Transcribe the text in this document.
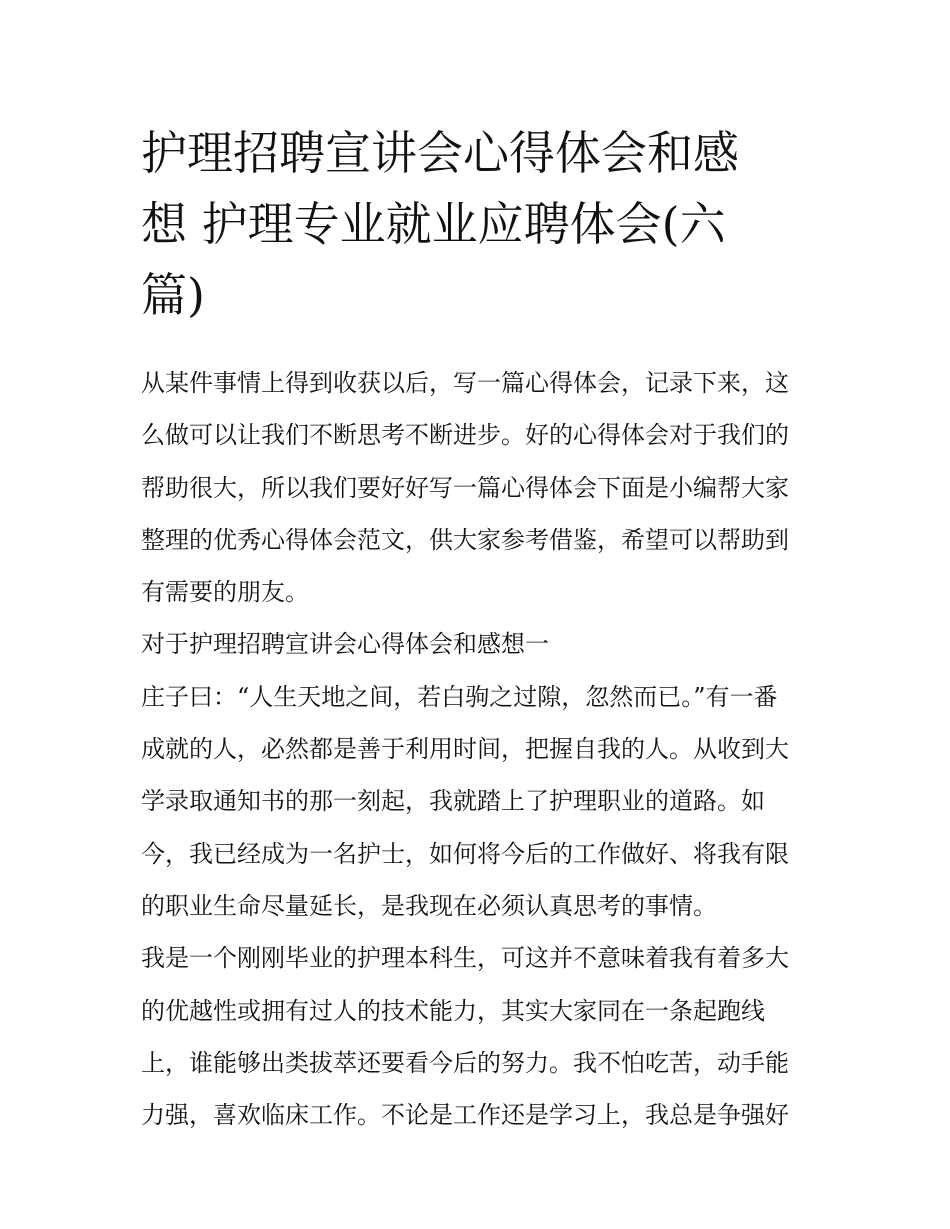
护理招聘宣讲会心得体会和感
想 护理专业就业应聘体会(六
篇)
从某件事情上得到收获以后，写一篇心得体会，记录下来，这
么做可以让我们不断思考不断进步。好的心得体会对于我们的
帮助很大，所以我们要好好写一篇心得体会下面是小编帮大家
整理的优秀心得体会范文，供大家参考借鉴，希望可以帮助到
有需要的朋友。
对于护理招聘宣讲会心得体会和感想一
庄子曰：“人生天地之间，若白驹之过隙，忽然而已。”有一番
成就的人，必然都是善于利用时间，把握自我的人。从收到大
学录取通知书的那一刻起，我就踏上了护理职业的道路。如
今，我已经成为一名护士，如何将今后的工作做好、将我有限
的职业生命尽量延长，是我现在必须认真思考的事情。
我是一个刚刚毕业的护理本科生，可这并不意味着我有着多大
的优越性或拥有过人的技术能力，其实大家同在一条起跑线
上，谁能够出类拔萃还要看今后的努力。我不怕吃苦，动手能
力强，喜欢临床工作。不论是工作还是学习上，我总是争强好
